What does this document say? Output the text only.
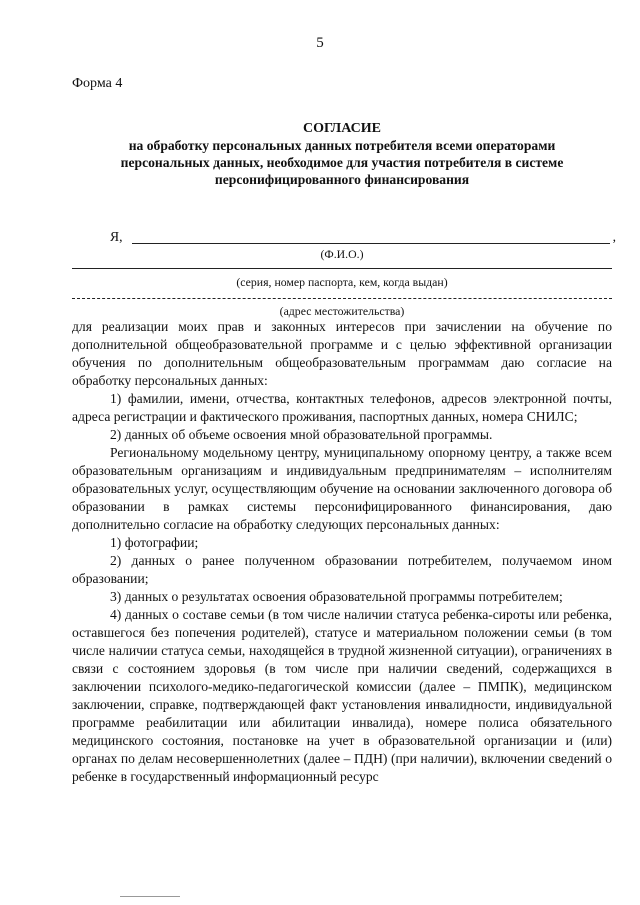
5
Форма 4
СОГЛАСИЕ
на обработку персональных данных потребителя всеми операторами
персональных данных, необходимое для участия потребителя в системе
персонифицированного финансирования
Я,	,
(Ф.И.О.)
(серия, номер паспорта, кем, когда выдан)
(адрес местожительства)

для реализации моих прав и законных интересов при зачислении на обучение по дополнительной общеобразовательной программе и с целью эффективной организации обучения по дополнительным общеобразовательным программам даю согласие на обработку персональных данных:

1) фамилии, имени, отчества, контактных телефонов, адресов электронной почты, адреса регистрации и фактического проживания, паспортных данных, номера СНИЛС;

2) данных об объеме освоения мной образовательной программы.

Региональному модельному центру, муниципальному опорному центру, а также всем образовательным организациям и индивидуальным предпринимателям – исполнителям образовательных услуг, осуществляющим обучение на основании заключенного договора об образовании в рамках системы персонифицированного финансирования, даю дополнительно согласие на обработку следующих персональных данных:

1) фотографии;

2) данных о ранее полученном образовании потребителем, получаемом ином образовании;

3) данных о результатах освоения образовательной программы потребителем;

4) данных о составе семьи (в том числе наличии статуса ребенка-сироты или ребенка, оставшегося без попечения родителей), статусе и материальном положении семьи (в том числе наличии статуса семьи, находящейся в трудной жизненной ситуации), ограничениях в связи с состоянием здоровья (в том числе при наличии сведений, содержащихся в заключении психолого-медико-педагогической комиссии (далее – ПМПК), медицинском заключении, справке, подтверждающей факт установления инвалидности, индивидуальной программе реабилитации или абилитации инвалида), номере полиса обязательного медицинского состояния, постановке на учет в образовательной организации и (или) органах по делам несовершеннолетних (далее – ПДН) (при наличии), включении сведений о ребенке в государственный информационный ресурс
